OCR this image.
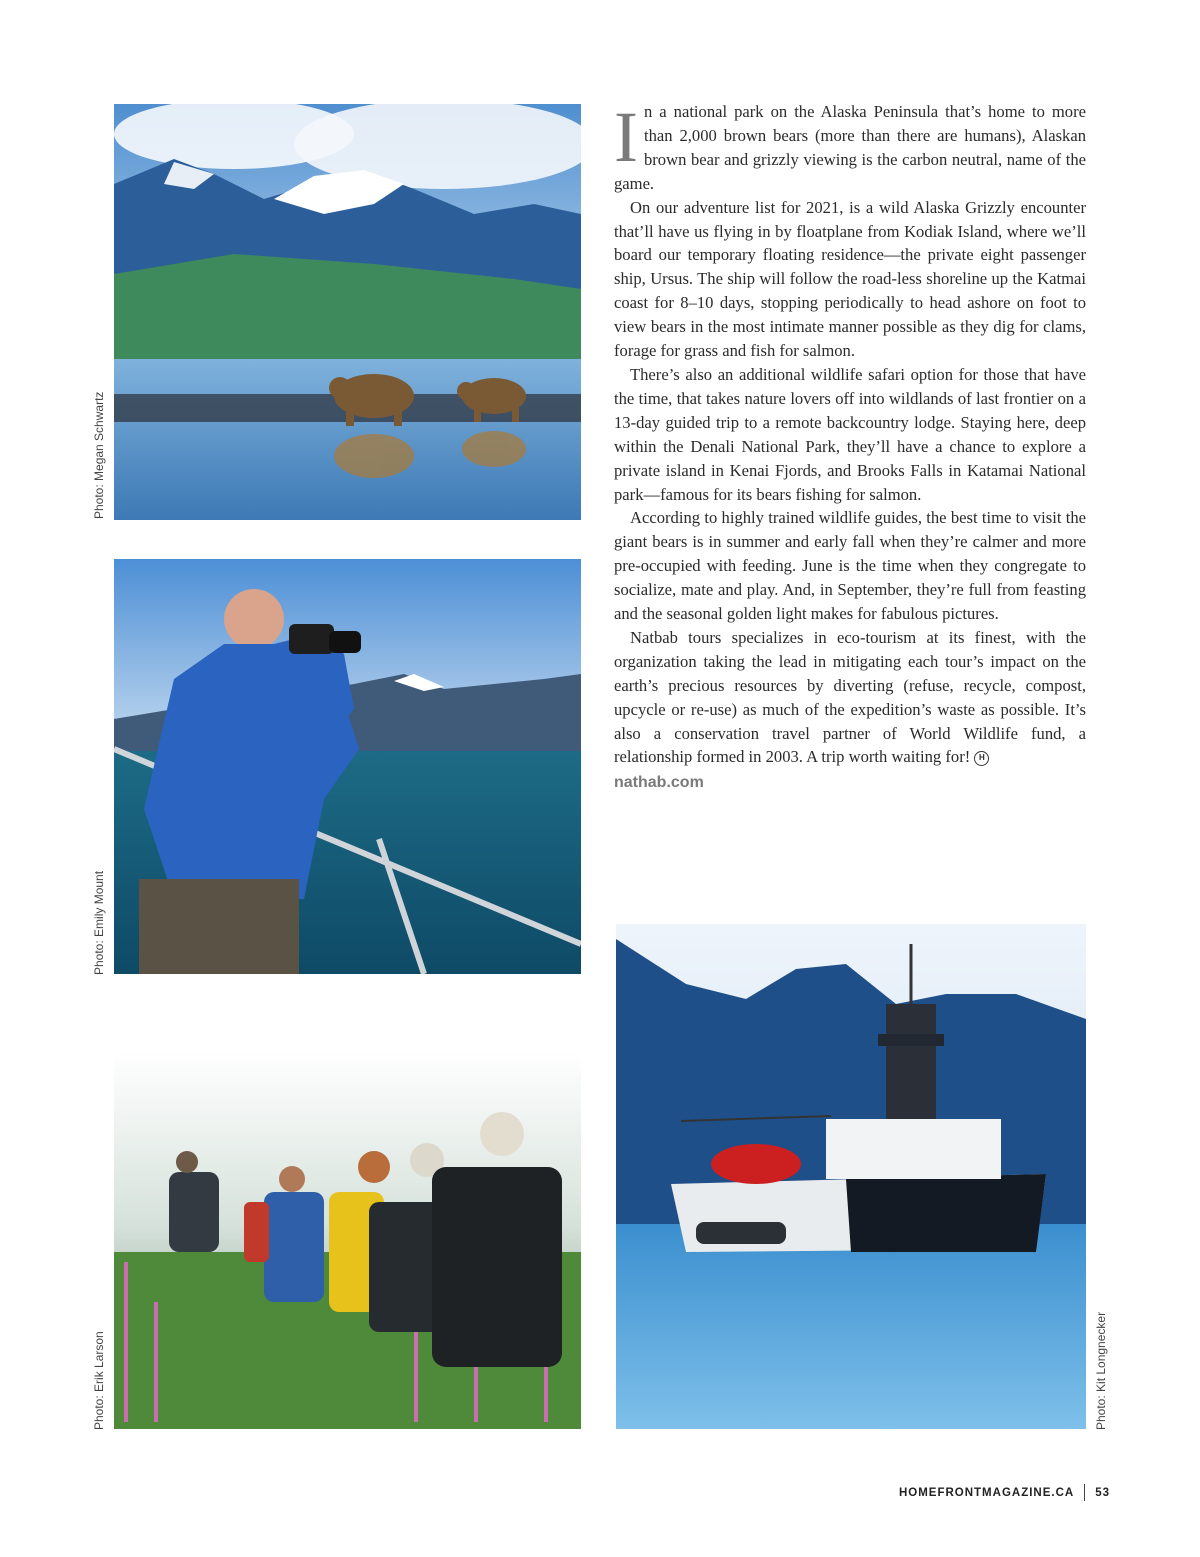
Photo: Megan Schwartz
Photo: Emily Mount
Photo: Erik Larson	Photo: Kit Longnecker

In a national park on the Alaska Peninsula that’s home to more than 2,000 brown bears (more than there are humans), Alaskan brown bear and grizzly viewing is the carbon neutral, name of the game.

On our adventure list for 2021, is a wild Alaska Grizzly encounter that’ll have us flying in by floatplane from Kodiak Island, where we’ll board our temporary floating residence—the private eight passenger ship, Ursus. The ship will follow the road-less shoreline up the Katmai coast for 8–10 days, stopping periodically to head ashore on foot to view bears in the most intimate manner possible as they dig for clams, forage for grass and fish for salmon.

There’s also an additional wildlife safari option for those that have the time, that takes nature lovers off into wildlands of last frontier on a 13-day guided trip to a remote backcountry lodge. Staying here, deep within the Denali National Park, they’ll have a chance to explore a private island in Kenai Fjords, and Brooks Falls in Katamai National park—famous for its bears fishing for salmon.

According to highly trained wildlife guides, the best time to visit the giant bears is in summer and early fall when they’re calmer and more pre-occupied with feeding. June is the time when they congregate to socialize, mate and play. And, in September, they’re full from feasting and the seasonal golden light makes for fabulous pictures.

Natbab tours specializes in eco-tourism at its finest, with the organization taking the lead in mitigating each tour’s impact on the earth’s precious resources by diverting (refuse, recycle, compost, upcycle or re-use) as much of the expedition’s waste as possible. It’s also a conservation travel partner of World Wildlife fund, a relationship formed in 2003. A trip worth waiting for! H

nathab.com
HOMEFRONTMAGAZINE.CA 53
